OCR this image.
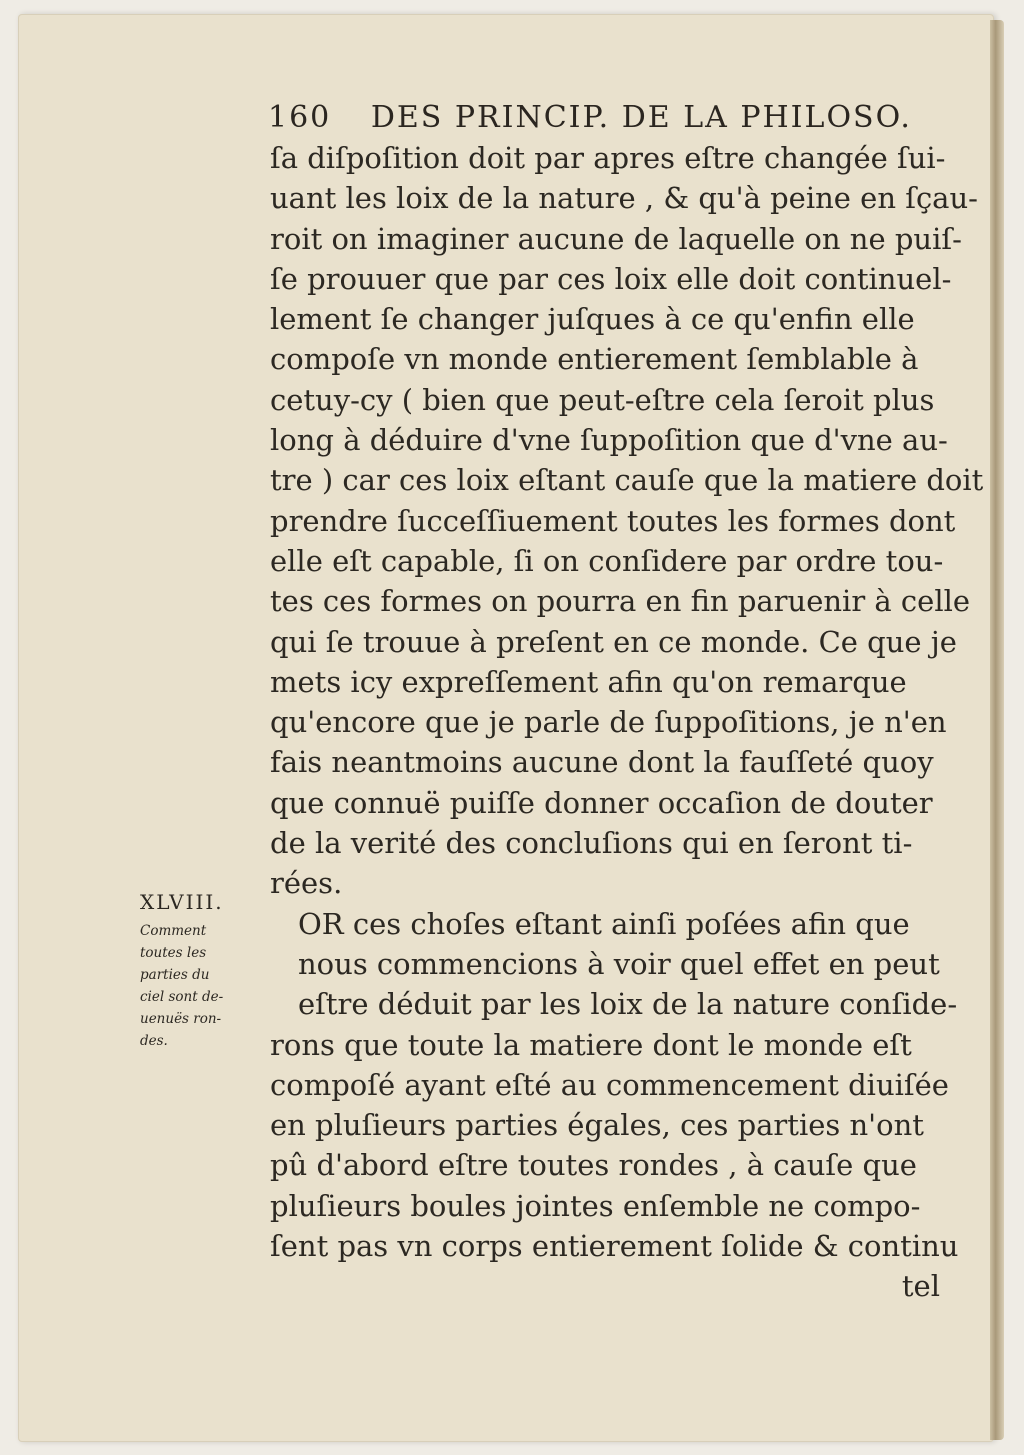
160 DES PRINCIP. DE LA PHILOSO.
XLVIII.
Comment
toutes les
parties du
ciel sont de-
uenuës ron-
des.
ſa diſpoſition doit par apres eſtre changée ſui-
uant les loix de la nature , & qu'à peine en ſçau-
roit on imaginer aucune de laquelle on ne puiſ-
ſe prouuer que par ces loix elle doit continuel-
lement ſe changer juſques à ce qu'enfin elle
compoſe vn monde entierement ſemblable à
cetuy-cy ( bien que peut-eſtre cela ſeroit plus
long à déduire d'vne ſuppoſition que d'vne au-
tre ) car ces loix eſtant cauſe que la matiere doit
prendre ſucceſſiuement toutes les formes dont
elle eſt capable, ſi on conſidere par ordre tou-
tes ces formes on pourra en fin paruenir à celle
qui ſe trouue à preſent en ce monde. Ce que je
mets icy expreſſement afin qu'on remarque
qu'encore que je parle de ſuppoſitions, je n'en
fais neantmoins aucune dont la fauſſeté quoy
que connuë puiſſe donner occaſion de douter
de la verité des concluſions qui en ſeront ti-
rées.
OR ces choſes eſtant ainſi poſées afin que
nous commencions à voir quel effet en peut
eſtre déduit par les loix de la nature conſide-
rons que toute la matiere dont le monde eſt
compoſé ayant eſté au commencement diuiſée
en pluſieurs parties égales, ces parties n'ont
pû d'abord eſtre toutes rondes , à cauſe que
pluſieurs boules jointes enſemble ne compo-
ſent pas vn corps entierement ſolide & continu
tel
